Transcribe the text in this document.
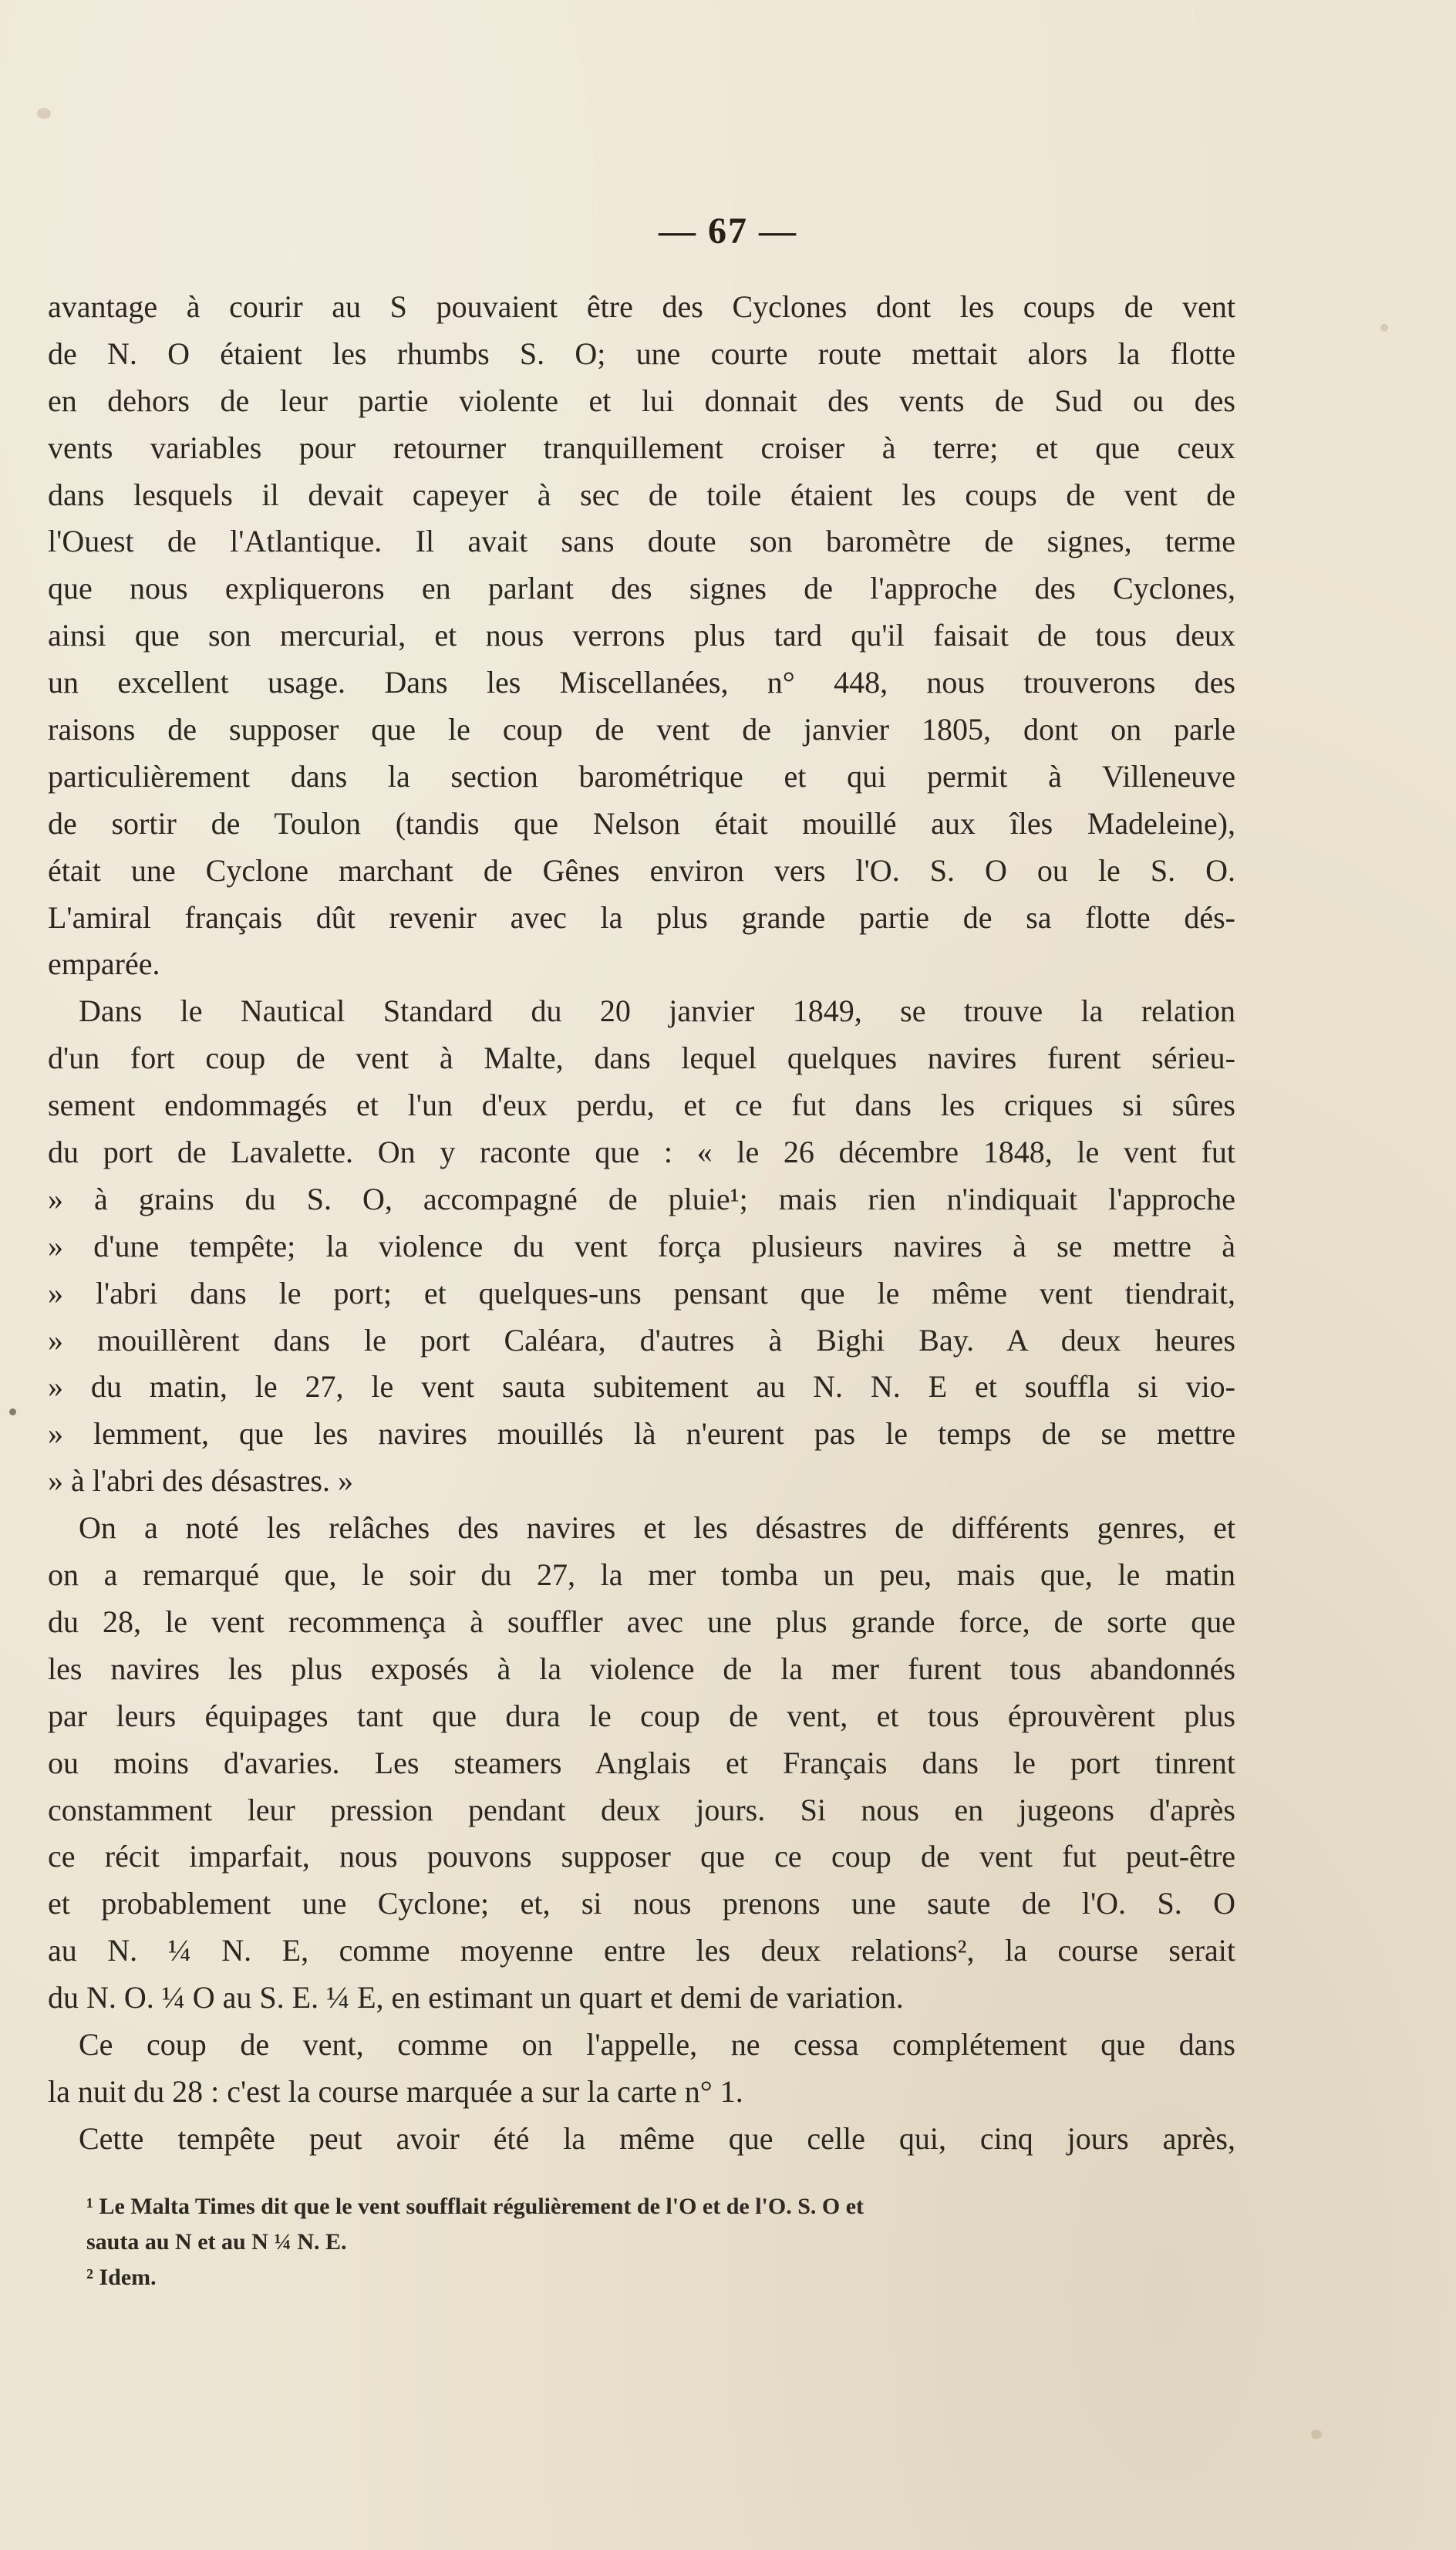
— 67 —
avantage à courir au S pouvaient être des Cyclones dont les coups de vent
de N. O étaient les rhumbs S. O; une courte route mettait alors la flotte
en dehors de leur partie violente et lui donnait des vents de Sud ou des
vents variables pour retourner tranquillement croiser à terre; et que ceux
dans lesquels il devait capeyer à sec de toile étaient les coups de vent de
l'Ouest de l'Atlantique. Il avait sans doute son baromètre de signes, terme
que nous expliquerons en parlant des signes de l'approche des Cyclones,
ainsi que son mercurial, et nous verrons plus tard qu'il faisait de tous deux
un excellent usage. Dans les Miscellanées, n° 448, nous trouverons des
raisons de supposer que le coup de vent de janvier 1805, dont on parle
particulièrement dans la section barométrique et qui permit à Villeneuve
de sortir de Toulon (tandis que Nelson était mouillé aux îles Madeleine),
était une Cyclone marchant de Gênes environ vers l'O. S. O ou le S. O.
L'amiral français dût revenir avec la plus grande partie de sa flotte dés-
emparée.
Dans le Nautical Standard du 20 janvier 1849, se trouve la relation
d'un fort coup de vent à Malte, dans lequel quelques navires furent sérieu-
sement endommagés et l'un d'eux perdu, et ce fut dans les criques si sûres
du port de Lavalette. On y raconte que : « le 26 décembre 1848, le vent fut
» à grains du S. O, accompagné de pluie¹; mais rien n'indiquait l'approche
» d'une tempête; la violence du vent força plusieurs navires à se mettre à
» l'abri dans le port; et quelques-uns pensant que le même vent tiendrait,
» mouillèrent dans le port Caléara, d'autres à Bighi Bay. A deux heures
» du matin, le 27, le vent sauta subitement au N. N. E et souffla si vio-
» lemment, que les navires mouillés là n'eurent pas le temps de se mettre
» à l'abri des désastres. »
On a noté les relâches des navires et les désastres de différents genres, et
on a remarqué que, le soir du 27, la mer tomba un peu, mais que, le matin
du 28, le vent recommença à souffler avec une plus grande force, de sorte que
les navires les plus exposés à la violence de la mer furent tous abandonnés
par leurs équipages tant que dura le coup de vent, et tous éprouvèrent plus
ou moins d'avaries. Les steamers Anglais et Français dans le port tinrent
constamment leur pression pendant deux jours. Si nous en jugeons d'après
ce récit imparfait, nous pouvons supposer que ce coup de vent fut peut-être
et probablement une Cyclone; et, si nous prenons une saute de l'O. S. O
au N. ¼ N. E, comme moyenne entre les deux relations², la course serait
du N. O. ¼ O au S. E. ¼ E, en estimant un quart et demi de variation.
Ce coup de vent, comme on l'appelle, ne cessa complétement que dans
la nuit du 28 : c'est la course marquée a sur la carte n° 1.
Cette tempête peut avoir été la même que celle qui, cinq jours après,
¹ Le Malta Times dit que le vent soufflait régulièrement de l'O et de l'O. S. O et
sauta au N et au N ¼ N. E.
² Idem.
